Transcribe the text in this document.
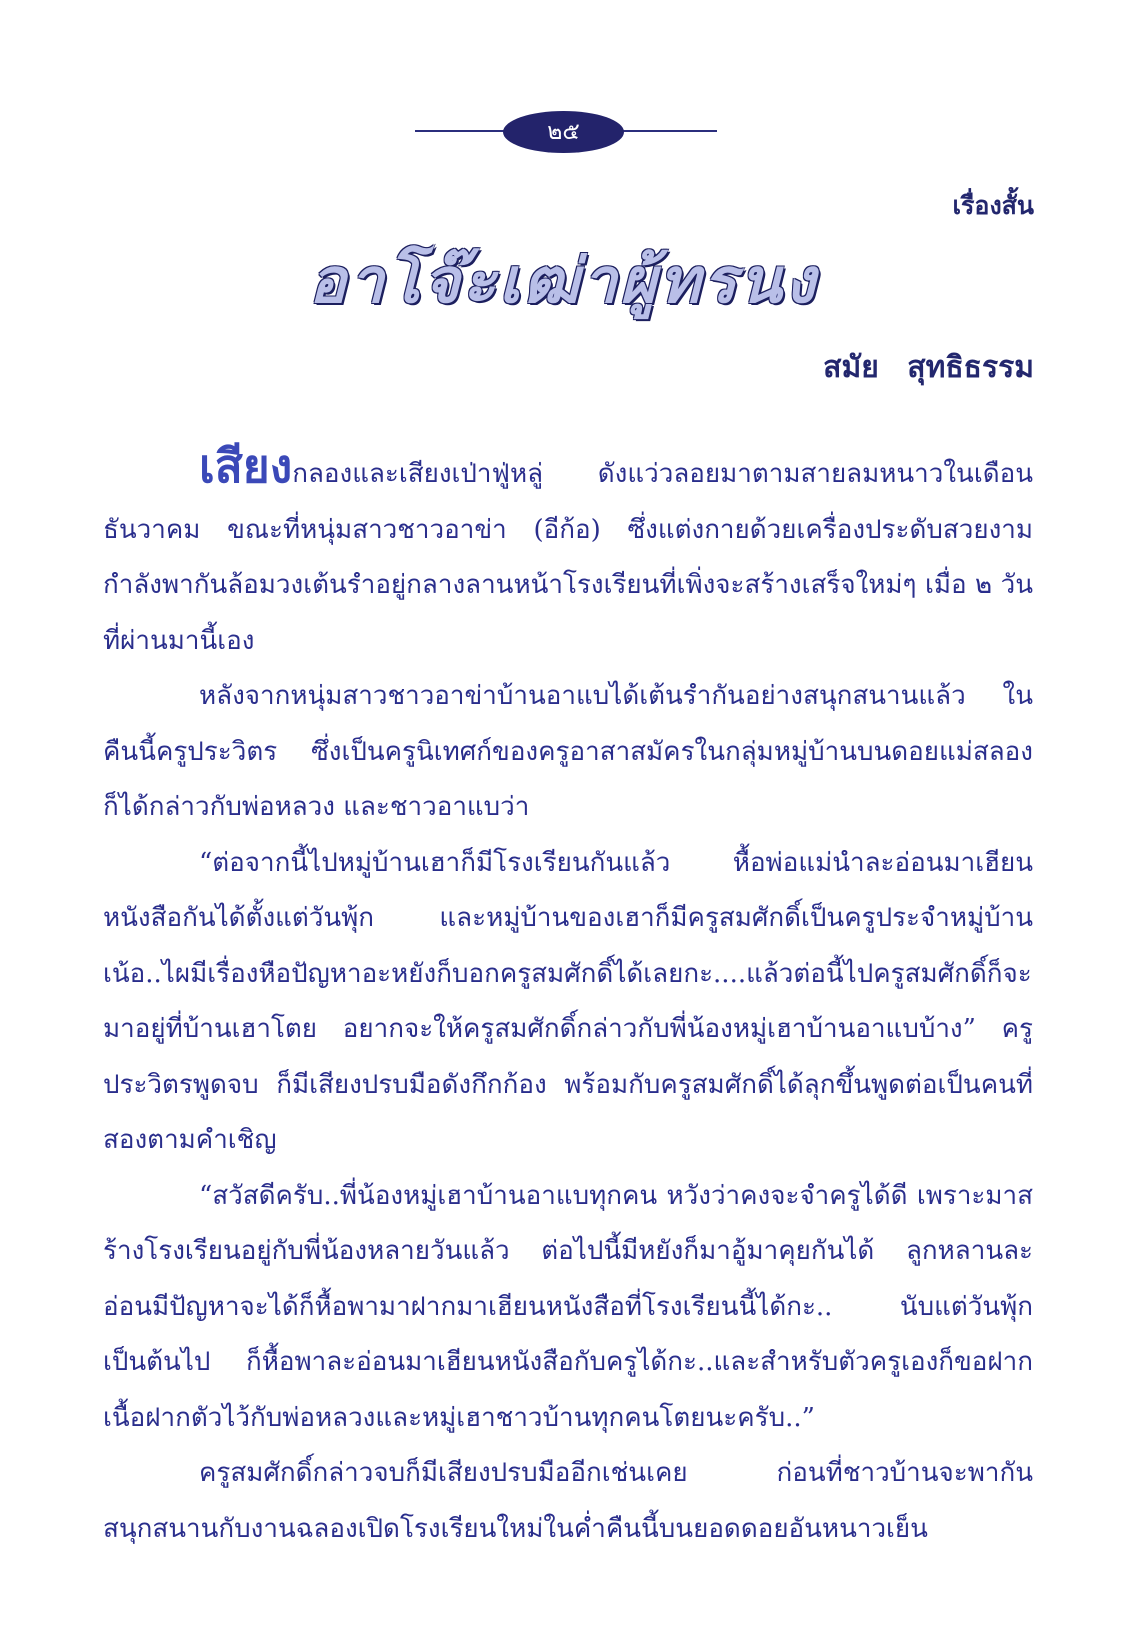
๒๕
เรื่องสั้น
อาโจ๊ะเฒ่าผู้ทรนง
สมัย สุทธิธรรม

เสียงกลองและเสียงเป่าฟู่หลู่ ดังแว่วลอยมาตามสายลมหนาวในเดือนธันวาคม ขณะที่หนุ่มสาวชาวอาข่า (อีก้อ) ซึ่งแต่งกายด้วยเครื่องประดับสวยงามกำลังพากันล้อมวงเต้นรำอยู่กลางลานหน้าโรงเรียนที่เพิ่งจะสร้างเสร็จใหม่ๆ เมื่อ ๒ วันที่ผ่านมานี้เอง

หลังจากหนุ่มสาวชาวอาข่าบ้านอาแบได้เต้นรำกันอย่างสนุกสนานแล้ว ในคืนนี้ครูประวิตร ซึ่งเป็นครูนิเทศก์ของครูอาสาสมัครในกลุ่มหมู่บ้านบนดอยแม่สลองก็ได้กล่าวกับพ่อหลวง และชาวอาแบว่า

“ต่อจากนี้ไปหมู่บ้านเฮาก็มีโรงเรียนกันแล้ว หื้อพ่อแม่นำละอ่อนมาเฮียนหนังสือกันได้ตั้งแต่วันพุ้ก และหมู่บ้านของเฮาก็มีครูสมศักดิ์เป็นครูประจำหมู่บ้านเน้อ..ไผมีเรื่องหือปัญหาอะหยังก็บอกครูสมศักดิ์ได้เลยกะ....แล้วต่อนี้ไปครูสมศักดิ์ก็จะมาอยู่ที่บ้านเฮาโตย อยากจะให้ครูสมศักดิ์กล่าวกับพี่น้องหมู่เฮาบ้านอาแบบ้าง” ครูประวิตรพูดจบ ก็มีเสียงปรบมือดังกึกก้อง พร้อมกับครูสมศักดิ์ได้ลุกขึ้นพูดต่อเป็นคนที่สองตามคำเชิญ

“สวัสดีครับ..พี่น้องหมู่เฮาบ้านอาแบทุกคน หวังว่าคงจะจำครูได้ดี เพราะมาสร้างโรงเรียนอยู่กับพี่น้องหลายวันแล้ว ต่อไปนี้มีหยังก็มาอู้มาคุยกันได้ ลูกหลานละอ่อนมีปัญหาจะได้ก็หื้อพามาฝากมาเฮียนหนังสือที่โรงเรียนนี้ได้กะ.. นับแต่วันพุ้กเป็นต้นไป ก็หื้อพาละอ่อนมาเฮียนหนังสือกับครูได้กะ..และสำหรับตัวครูเองก็ขอฝากเนื้อฝากตัวไว้กับพ่อหลวงและหมู่เฮาชาวบ้านทุกคนโตยนะครับ..”

ครูสมศักดิ์กล่าวจบก็มีเสียงปรบมืออีกเช่นเคย ก่อนที่ชาวบ้านจะพากันสนุกสนานกับงานฉลองเปิดโรงเรียนใหม่ในค่ำคืนนี้บนยอดดอยอันหนาวเย็น
